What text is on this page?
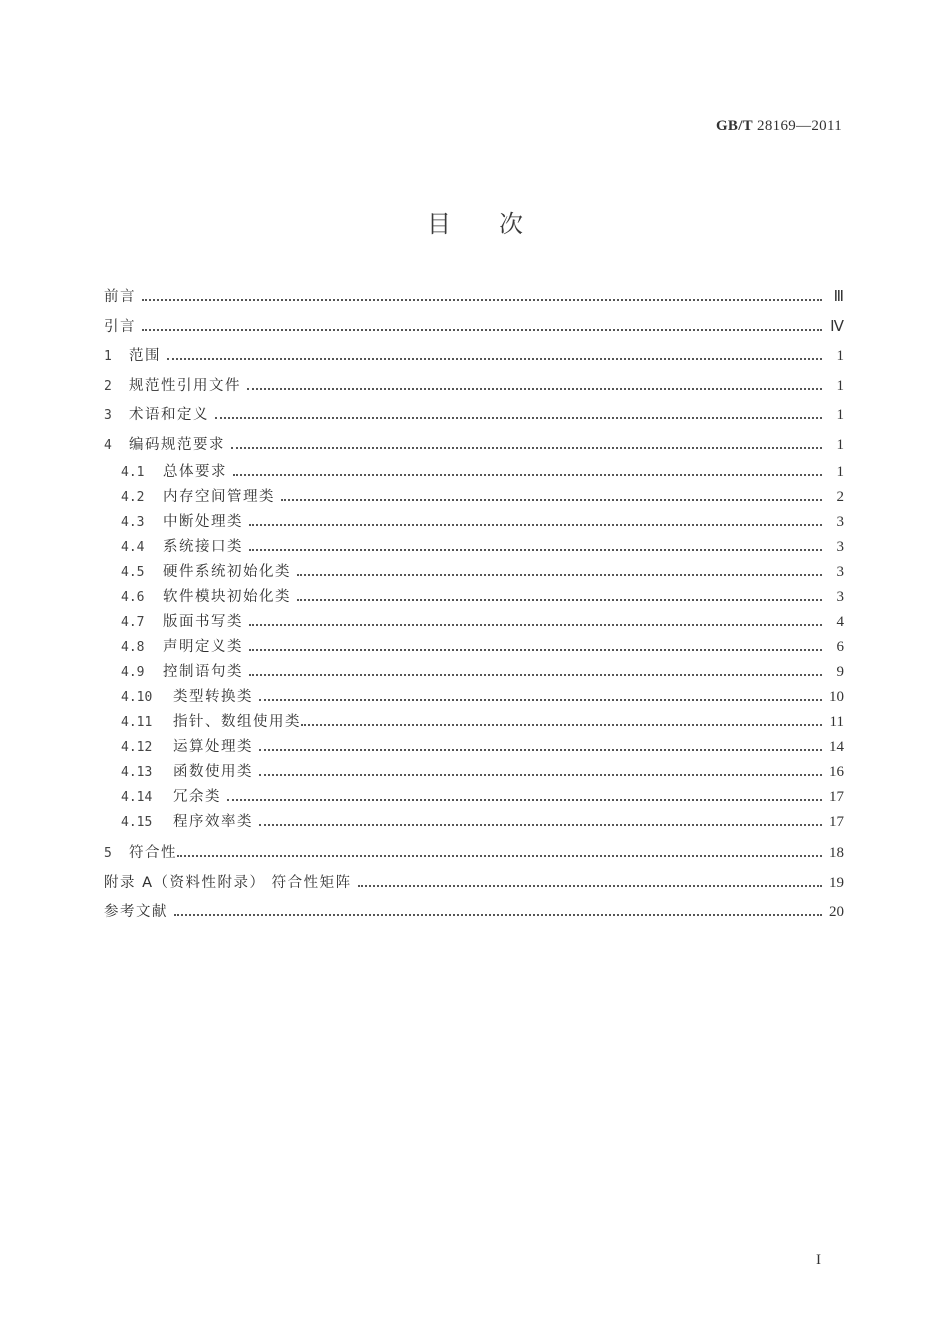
GB/T 28169—2011
目 次
前言	Ⅲ
引言	Ⅳ
1	范围	1
2	规范性引用文件	1
3	术语和定义	1
4	编码规范要求	1
4.1	总体要求	1
4.2	内存空间管理类	2
4.3	中断处理类	3
4.4	系统接口类	3
4.5	硬件系统初始化类	3
4.6	软件模块初始化类	3
4.7	版面书写类	4
4.8	声明定义类	6
4.9	控制语句类	9
4.10	类型转换类	10
4.11	指针、数组使用类	11
4.12	运算处理类	14
4.13	函数使用类	16
4.14	冗余类	17
4.15	程序效率类	17
5	符合性	18
附录 A（资料性附录） 符合性矩阵	19
参考文献	20
I
